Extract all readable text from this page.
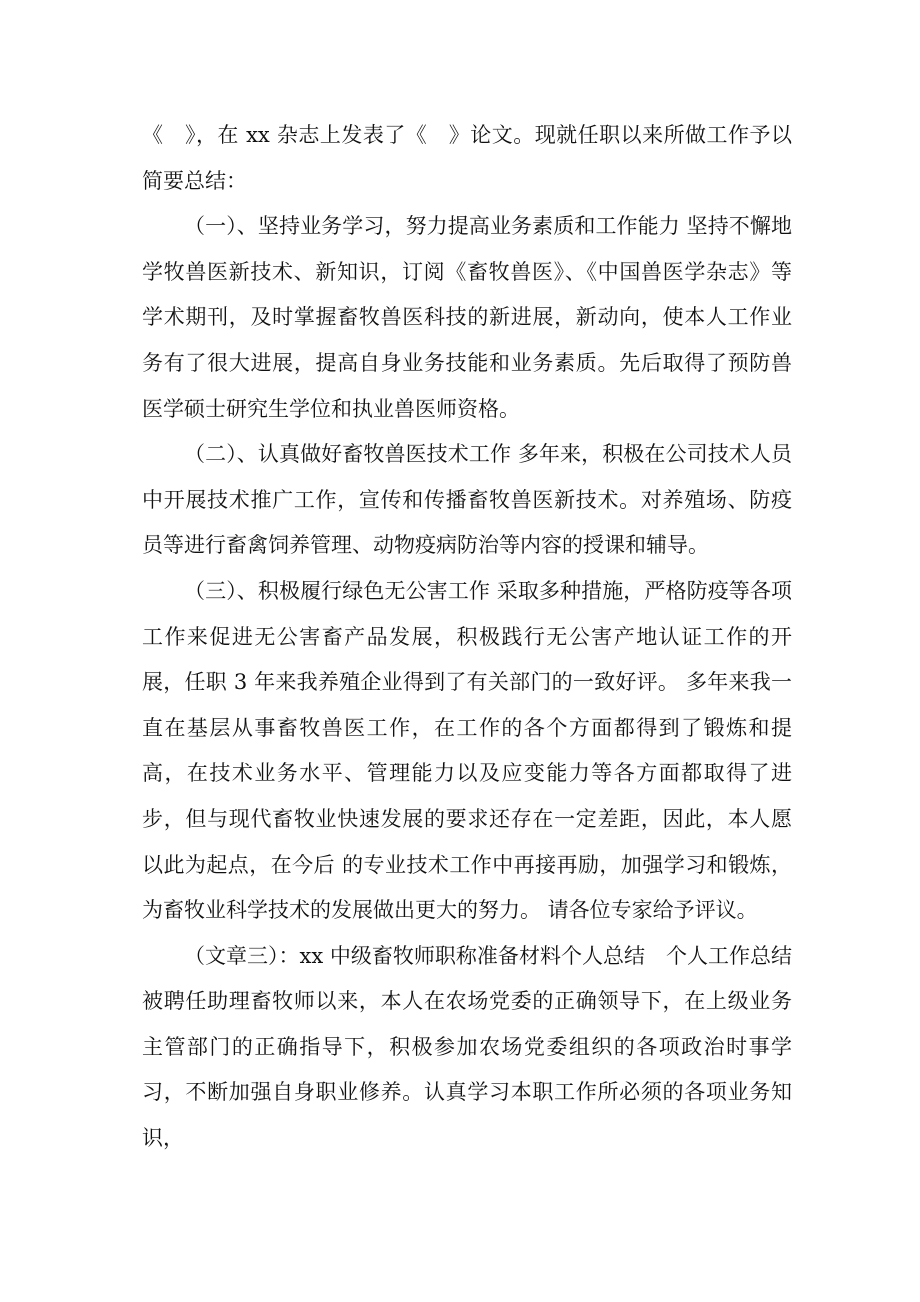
《　》，在 xx 杂志上发表了《　》论文。现就任职以来所做工作予以简要总结：

（一）、坚持业务学习，努力提高业务素质和工作能力 坚持不懈地学牧兽医新技术、新知识，订阅《畜牧兽医》、《中国兽医学杂志》等学术期刊，及时掌握畜牧兽医科技的新进展，新动向，使本人工作业务有了很大进展，提高自身业务技能和业务素质。先后取得了预防兽医学硕士研究生学位和执业兽医师资格。

（二）、认真做好畜牧兽医技术工作 多年来，积极在公司技术人员中开展技术推广工作，宣传和传播畜牧兽医新技术。对养殖场、防疫员等进行畜禽饲养管理、动物疫病防治等内容的授课和辅导。

（三）、积极履行绿色无公害工作 采取多种措施，严格防疫等各项工作来促进无公害畜产品发展，积极践行无公害产地认证工作的开展，任职 3 年来我养殖企业得到了有关部门的一致好评。 多年来我一直在基层从事畜牧兽医工作，在工作的各个方面都得到了锻炼和提高，在技术业务水平、管理能力以及应变能力等各方面都取得了进步，但与现代畜牧业快速发展的要求还存在一定差距，因此，本人愿以此为起点，在今后 的专业技术工作中再接再励，加强学习和锻炼，为畜牧业科学技术的发展做出更大的努力。 请各位专家给予评议。

（文章三）：xx 中级畜牧师职称准备材料个人总结　个人工作总结 被聘任助理畜牧师以来，本人在农场党委的正确领导下，在上级业务主管部门的正确指导下，积极参加农场党委组织的各项政治时事学习，不断加强自身职业修养。认真学习本职工作所必须的各项业务知识，
